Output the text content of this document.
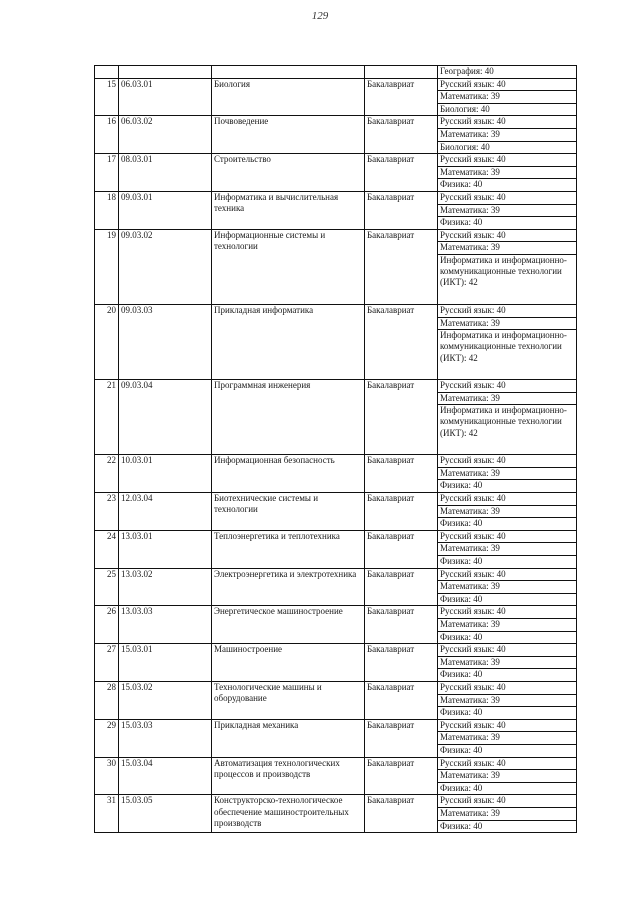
129
				География: 40
15	06.03.01	Биология	Бакалавриат	Русский язык: 40
				Математика: 39
				Биология: 40
16	06.03.02	Почвоведение	Бакалавриат	Русский язык: 40
				Математика: 39
				Биология: 40
17	08.03.01	Строительство	Бакалавриат	Русский язык: 40
				Математика: 39
				Физика: 40
18	09.03.01	Информатика и вычислительная техника	Бакалавриат	Русский язык: 40
				Математика: 39
				Физика: 40
19	09.03.02	Информационные системы и технологии	Бакалавриат	Русский язык: 40
				Математика: 39
				Информатика и информационно-коммуникационные технологии (ИКТ): 42
20	09.03.03	Прикладная информатика	Бакалавриат	Русский язык: 40
				Математика: 39
				Информатика и информационно-коммуникационные технологии (ИКТ): 42
21	09.03.04	Программная инженерия	Бакалавриат	Русский язык: 40
				Математика: 39
				Информатика и информационно-коммуникационные технологии (ИКТ): 42
22	10.03.01	Информационная безопасность	Бакалавриат	Русский язык: 40
				Математика: 39
				Физика: 40
23	12.03.04	Биотехнические системы и технологии	Бакалавриат	Русский язык: 40
				Математика: 39
				Физика: 40
24	13.03.01	Теплоэнергетика и теплотехника	Бакалавриат	Русский язык: 40
				Математика: 39
				Физика: 40
25	13.03.02	Электроэнергетика и электротехника	Бакалавриат	Русский язык: 40
				Математика: 39
				Физика: 40
26	13.03.03	Энергетическое машиностроение	Бакалавриат	Русский язык: 40
				Математика: 39
				Физика: 40
27	15.03.01	Машиностроение	Бакалавриат	Русский язык: 40
				Математика: 39
				Физика: 40
28	15.03.02	Технологические машины и оборудование	Бакалавриат	Русский язык: 40
				Математика: 39
				Физика: 40
29	15.03.03	Прикладная механика	Бакалавриат	Русский язык: 40
				Математика: 39
				Физика: 40
30	15.03.04	Автоматизация технологических процессов и производств	Бакалавриат	Русский язык: 40
				Математика: 39
				Физика: 40
31	15.03.05	Конструкторско-технологическое обеспечение машиностроительных производств	Бакалавриат	Русский язык: 40
				Математика: 39
				Физика: 40
